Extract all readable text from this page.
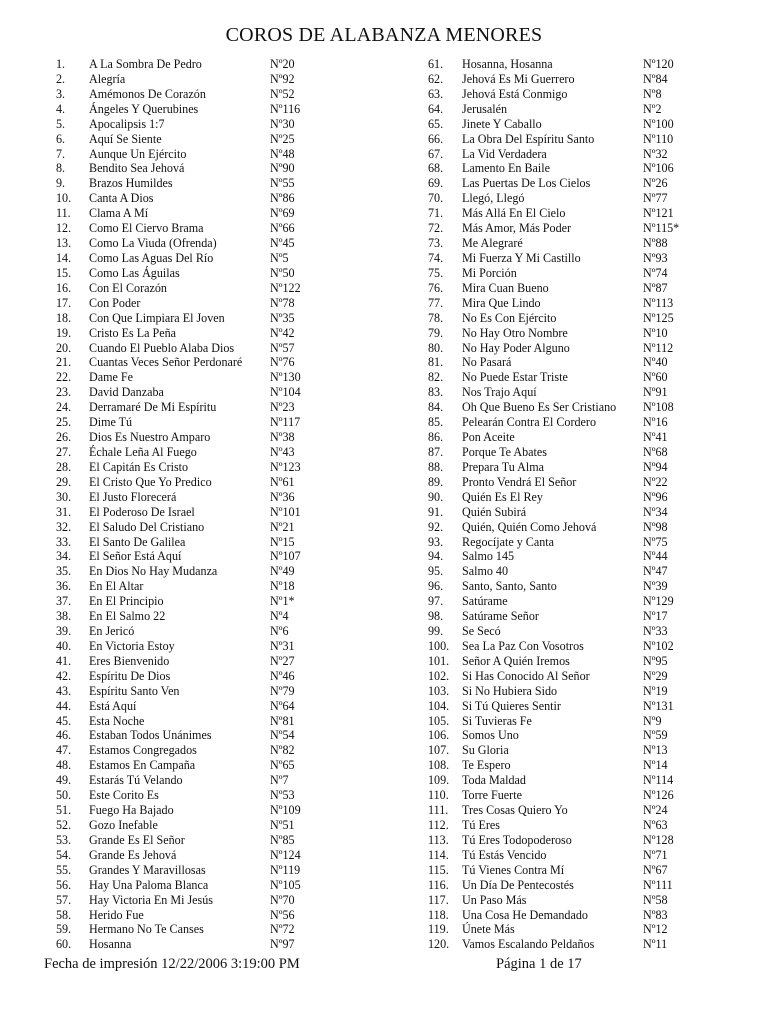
COROS DE ALABANZA MENORES
1.	A La Sombra De Pedro	Nº20
2.	Alegría	Nº92
3.	Amémonos De Corazón	Nº52
4.	Ángeles Y Querubines	Nº116
5.	Apocalipsis 1:7	Nº30
6.	Aquí Se Siente	Nº25
7.	Aunque Un Ejército	Nº48
8.	Bendito Sea Jehová	Nº90
9.	Brazos Humildes	Nº55
10.	Canta A Dios	Nº86
11.	Clama A Mí	Nº69
12.	Como El Ciervo Brama	Nº66
13.	Como La Viuda (Ofrenda)	Nº45
14.	Como Las Aguas Del Río	Nº5
15.	Como Las Águilas	Nº50
16.	Con El Corazón	Nº122
17.	Con Poder	Nº78
18.	Con Que Limpiara El Joven	Nº35
19.	Cristo Es La Peña	Nº42
20.	Cuando El Pueblo Alaba Dios	Nº57
21.	Cuantas Veces Señor Perdonaré	Nº76
22.	Dame Fe	Nº130
23.	David Danzaba	Nº104
24.	Derramaré De Mi Espíritu	Nº23
25.	Dime Tú	Nº117
26.	Dios Es Nuestro Amparo	Nº38
27.	Échale Leña Al Fuego	Nº43
28.	El Capitán Es Cristo	Nº123
29.	El Cristo Que Yo Predico	Nº61
30.	El Justo Florecerá	Nº36
31.	El Poderoso De Israel	Nº101
32.	El Saludo Del Cristiano	Nº21
33.	El Santo De Galilea	Nº15
34.	El Señor Está Aquí	Nº107
35.	En Dios No Hay Mudanza	Nº49
36.	En El Altar	Nº18
37.	En El Principio	Nº1*
38.	En El Salmo 22	Nº4
39.	En Jericó	Nº6
40.	En Victoria Estoy	Nº31
41.	Eres Bienvenido	Nº27
42.	Espíritu De Dios	Nº46
43.	Espíritu Santo Ven	Nº79
44.	Está Aquí	Nº64
45.	Esta Noche	Nº81
46.	Estaban Todos Unánimes	Nº54
47.	Estamos Congregados	Nº82
48.	Estamos En Campaña	Nº65
49.	Estarás Tú Velando	Nº7
50.	Este Corito Es	Nº53
51.	Fuego Ha Bajado	Nº109
52.	Gozo Inefable	Nº51
53.	Grande Es El Señor	Nº85
54.	Grande Es Jehová	Nº124
55.	Grandes Y Maravillosas	Nº119
56.	Hay Una Paloma Blanca	Nº105
57.	Hay Victoria En Mi Jesús	Nº70
58.	Herido Fue	Nº56
59.	Hermano No Te Canses	Nº72
60.	Hosanna	Nº97
61.	Hosanna, Hosanna	Nº120
62.	Jehová Es Mi Guerrero	Nº84
63.	Jehová Está Conmigo	Nº8
64.	Jerusalén	Nº2
65.	Jinete Y Caballo	Nº100
66.	La Obra Del Espíritu Santo	Nº110
67.	La Vid Verdadera	Nº32
68.	Lamento En Baile	Nº106
69.	Las Puertas De Los Cielos	Nº26
70.	Llegó, Llegó	Nº77
71.	Más Allá En El Cielo	Nº121
72.	Más Amor, Más Poder	Nº115*
73.	Me Alegraré	Nº88
74.	Mi Fuerza Y Mi Castillo	Nº93
75.	Mi Porción	Nº74
76.	Mira Cuan Bueno	Nº87
77.	Mira Que Lindo	Nº113
78.	No Es Con Ejército	Nº125
79.	No Hay Otro Nombre	Nº10
80.	No Hay Poder Alguno	Nº112
81.	No Pasará	Nº40
82.	No Puede Estar Triste	Nº60
83.	Nos Trajo Aquí	Nº91
84.	Oh Que Bueno Es Ser Cristiano	Nº108
85.	Pelearán Contra El Cordero	Nº16
86.	Pon Aceite	Nº41
87.	Porque Te Abates	Nº68
88.	Prepara Tu Alma	Nº94
89.	Pronto Vendrá El Señor	Nº22
90.	Quién Es El Rey	Nº96
91.	Quién Subirá	Nº34
92.	Quién, Quién Como Jehová	Nº98
93.	Regocíjate y Canta	Nº75
94.	Salmo 145	Nº44
95.	Salmo 40	Nº47
96.	Santo, Santo, Santo	Nº39
97.	Satúrame	Nº129
98.	Satúrame Señor	Nº17
99.	Se Secó	Nº33
100.	Sea La Paz Con Vosotros	Nº102
101.	Señor A Quién Iremos	Nº95
102.	Si Has Conocido Al Señor	Nº29
103.	Si No Hubiera Sido	Nº19
104.	Si Tú Quieres Sentir	Nº131
105.	Si Tuvieras Fe	Nº9
106.	Somos Uno	Nº59
107.	Su Gloria	Nº13
108.	Te Espero	Nº14
109.	Toda Maldad	Nº114
110.	Torre Fuerte	Nº126
111.	Tres Cosas Quiero Yo	Nº24
112.	Tú Eres	Nº63
113.	Tú Eres Todopoderoso	Nº128
114.	Tú Estás Vencido	Nº71
115.	Tú Vienes Contra Mí	Nº67
116.	Un Día De Pentecostés	Nº111
117.	Un Paso Más	Nº58
118.	Una Cosa He Demandado	Nº83
119.	Únete Más	Nº12
120.	Vamos Escalando Peldaños	Nº11
Fecha de impresión 12/22/2006 3:19:00 PM	Página 1 de 17
